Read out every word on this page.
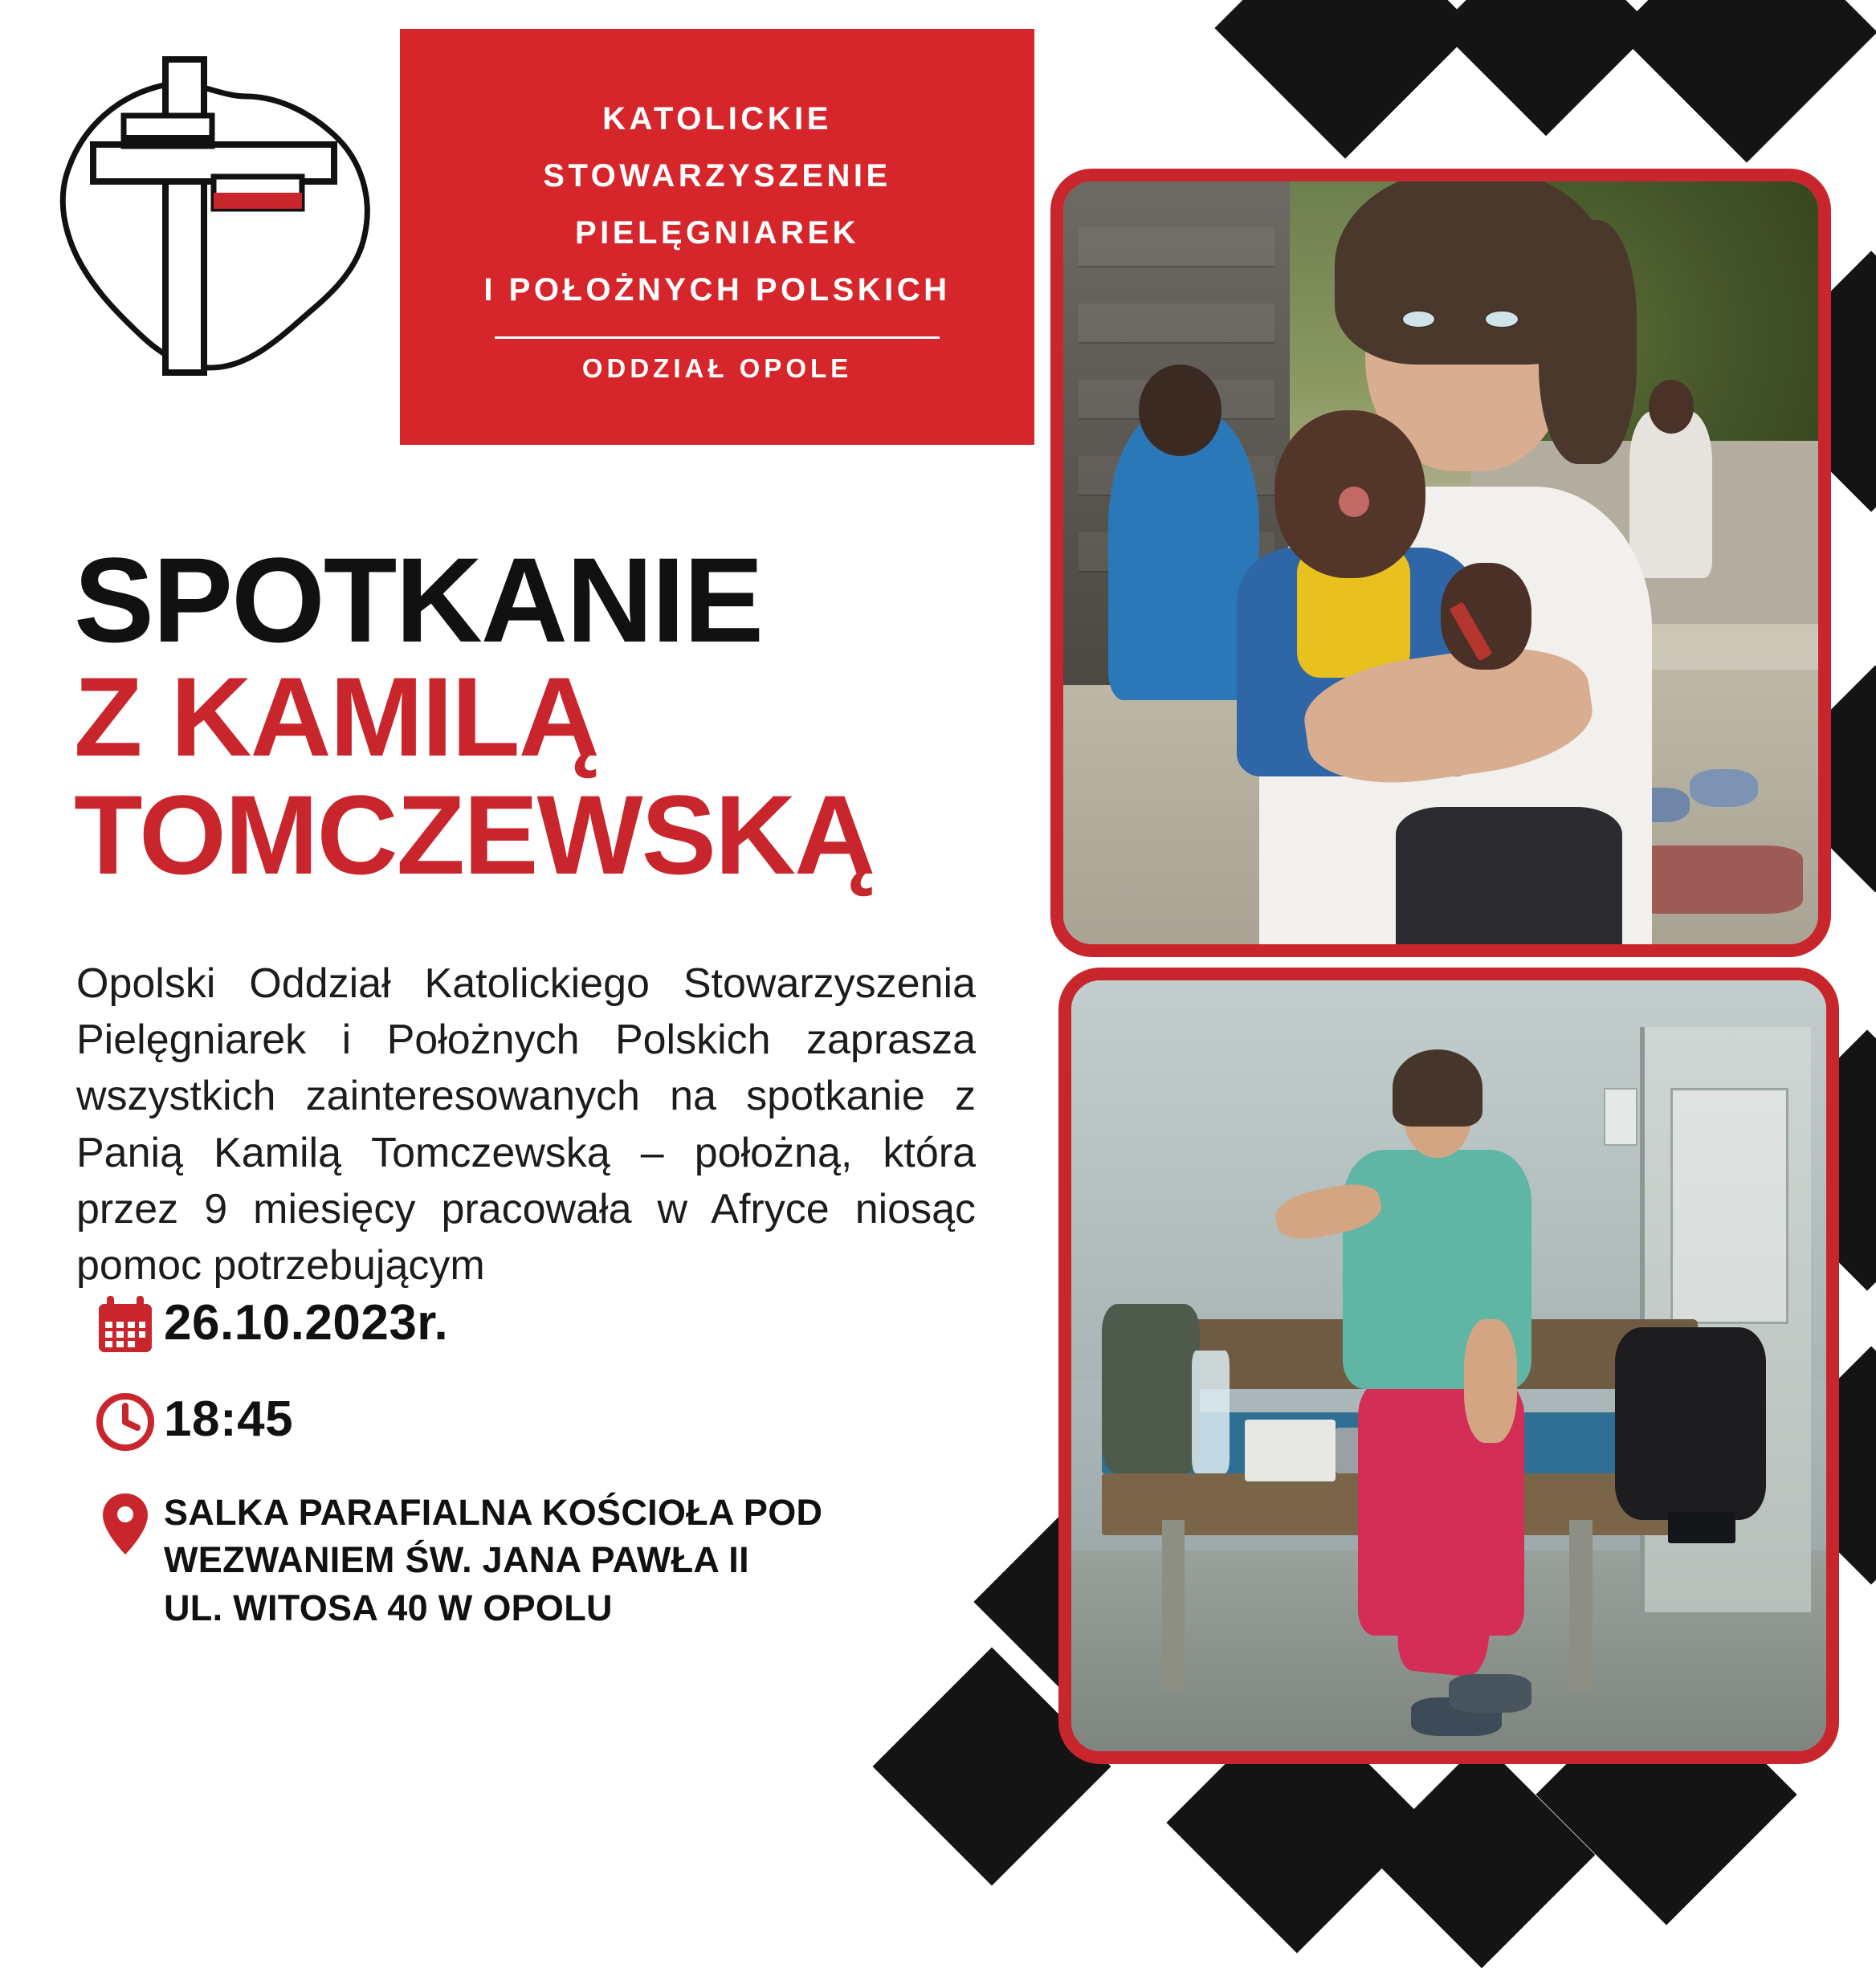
KATOLICKIE
STOWARZYSZENIE
PIELĘGNIAREK
I POŁOŻNYCH POLSKICH
ODDZIAŁ OPOLE
SPOTKANIE
Z KAMILĄ
TOMCZEWSKĄ
Opolski Oddział Katolickiego Stowarzyszenia Pielęgniarek i Położnych Polskich zaprasza wszystkich zainteresowanych na spotkanie z Panią Kamilą Tomczewską – położną, która przez 9 miesięcy pracowała w Afryce niosąc pomoc potrzebującym
26.10.2023r.
18:45
SALKA PARAFIALNA KOŚCIOŁA POD
WEZWANIEM ŚW. JANA PAWŁA II
UL. WITOSA 40 W OPOLU
